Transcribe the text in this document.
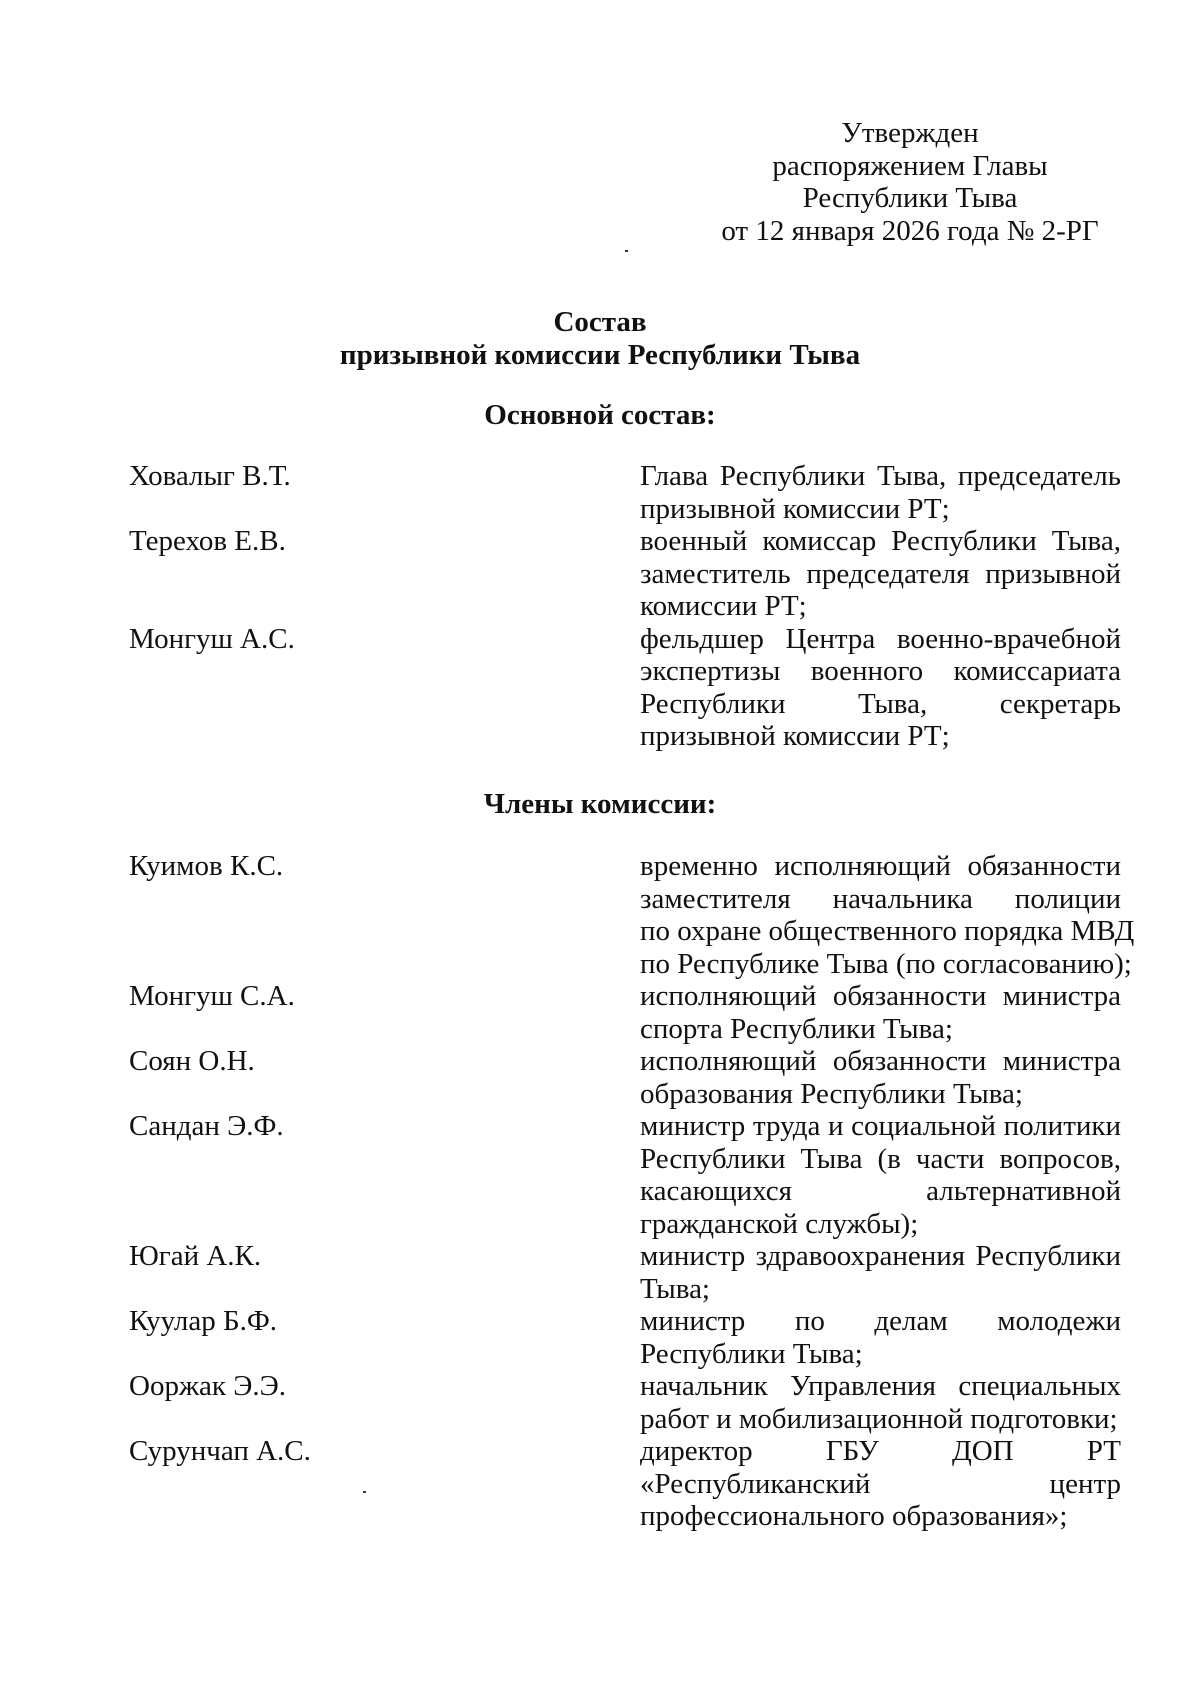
Утвержден
распоряжением Главы
Республики Тыва
от 12 января 2026 года № 2-РГ
Состав
призывной комиссии Республики Тыва
Основной состав:
Ховалыг В.Т.	Глава Республики Тыва, председатель
призывной комиссии РТ;
Терехов Е.В.	военный комиссар Республики Тыва,
заместитель председателя призывной
комиссии РТ;
Монгуш А.С.	фельдшер Центра военно-врачебной
экспертизы военного комиссариата
Республики Тыва, секретарь
призывной комиссии РТ;
Члены комиссии:
Куимов К.С.	временно исполняющий обязанности
заместителя начальника полиции
по охране общественного порядка МВД
по Республике Тыва (по согласованию);
Монгуш С.А.	исполняющий обязанности министра
спорта Республики Тыва;
Соян О.Н.	исполняющий обязанности министра
образования Республики Тыва;
Сандан Э.Ф.	министр труда и социальной политики
Республики Тыва (в части вопросов,
касающихся альтернативной
гражданской службы);
Югай А.К.	министр здравоохранения Республики
Тыва;
Куулар Б.Ф.	министр по делам молодежи
Республики Тыва;
Ооржак Э.Э.	начальник Управления специальных
работ и мобилизационной подготовки;
Сурунчап А.С.	директор ГБУ ДОП РТ
«Республиканский центр
профессионального образования»;
